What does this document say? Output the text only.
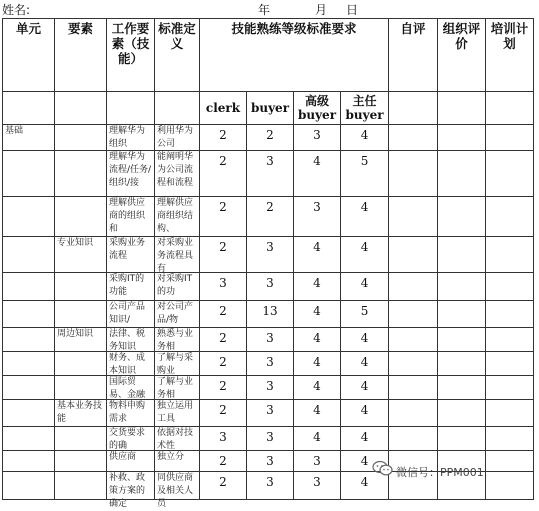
姓名:	年	月 日
单元	要素	工作要素（技能）	标准定义	技能熟练等级标准要求				自评	组织评价	培训计划
				clerk	buyer	高级buyer	主任buyer			

基础		理解华为组织	利用华为公司	2	2	3	4			

		理解华为流程/任务/组织/接	能阐明华为公司流程和流程	2	3	4	5			

		理解供应商的组织和	理解供应商组织结构、	2	2	3	4			

	专业知识	采购业务流程	对采购业务流程具有	2	3	4	4			

		采购IT的功能	对采购IT的功	3	3	4	4			

		公司产品知识/	对公司产品/物	2	13	4	5			

	周边知识	法律、税务知识	熟悉与业务相	2	3	4	4			

		财务、成本知识	了解与采购业	2	3	4	4			

		国际贸易、金融	了解与业务相	2	3	4	4			

	基本业务技能	物料申购需求	独立运用工具	2	3	4	4			

		交货要求的确	依据对技术性	3	3	4	4			

		供应商	独立分	2	3	3	4			

		补救、政策方案的确定	同供应商及相关人员	2	3	3	4			

微信号：PPM001
